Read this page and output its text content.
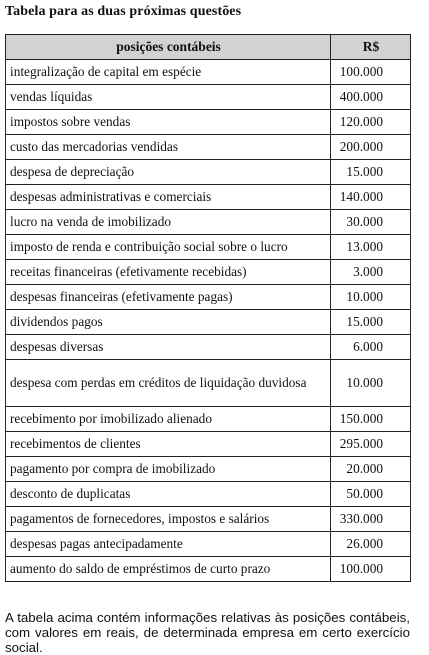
Tabela para as duas próximas questões
posições contábeis	R$
integralização de capital em espécie	100.000
vendas líquidas	400.000
impostos sobre vendas	120.000
custo das mercadorias vendidas	200.000
despesa de depreciação	15.000
despesas administrativas e comerciais	140.000
lucro na venda de imobilizado	30.000
imposto de renda e contribuição social sobre o lucro	13.000
receitas financeiras (efetivamente recebidas)	3.000
despesas financeiras (efetivamente pagas)	10.000
dividendos pagos	15.000
despesas diversas	6.000
despesa com perdas em créditos de liquidação duvidosa	10.000
recebimento por imobilizado alienado	150.000
recebimentos de clientes	295.000
pagamento por compra de imobilizado	20.000
desconto de duplicatas	50.000
pagamentos de fornecedores, impostos e salários	330.000
despesas pagas antecipadamente	26.000
aumento do saldo de empréstimos de curto prazo	100.000

A tabela acima contém informações relativas às posições contábeis, com valores em reais, de determinada empresa em certo exercício social.
